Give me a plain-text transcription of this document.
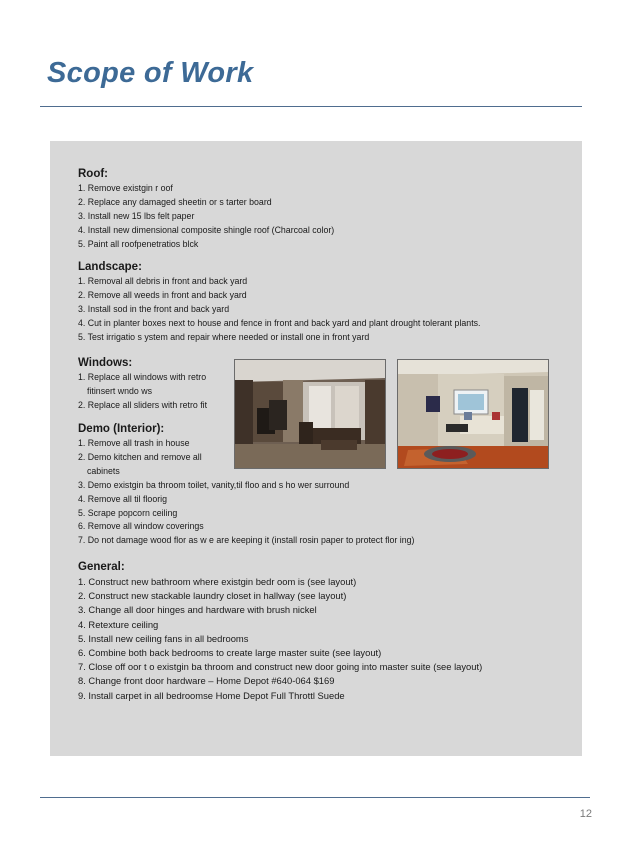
Scope of Work
Roof:

1. Remove existgin r oof

2. Replace any damaged sheetin or s tarter board

3. Install new 15 lbs felt paper

4. Install new dimensional composite shingle roof (Charcoal color)

5. Paint all roofpenetratios blck

Landscape:

1. Removal all debris in front and back yard

2. Remove all weeds in front and back yard

3. Install sod in the front and back yard

4. Cut in planter boxes next to house and fence in front and back yard and plant drought tolerant plants.

5. Test irrigatio s ystem and repair where needed or install one in front yard

Windows:

1. Replace all windows with retro

fitinsert wndo ws

2. Replace all sliders with retro fit

Demo (Interior):

1. Remove all trash in house

2. Demo kitchen and remove all

cabinets

3. Demo existgin ba throom toilet, vanity,til floo and s ho wer surround

4. Remove all til floorig

5. Scrape popcorn ceiling

6. Remove all window coverings

7. Do not damage wood flor as w e are keeping it (install rosin paper to protect flor ing)

General:

1. Construct new bathroom where existgin bedr oom is (see layout)

2. Construct new stackable laundry closet in hallway (see layout)

3. Change all door hinges and hardware with brush nickel

4. Retexture ceiling

5. Install new ceiling fans in all bedrooms

6. Combine both back bedrooms to create large master suite (see layout)

7. Close off oor t o existgin ba throom and construct new door going into master suite (see layout)

8. Change front door hardware – Home Depot #640-064 $169

9. Install carpet in all bedroomse Home Depot Full Throttl Suede

12
